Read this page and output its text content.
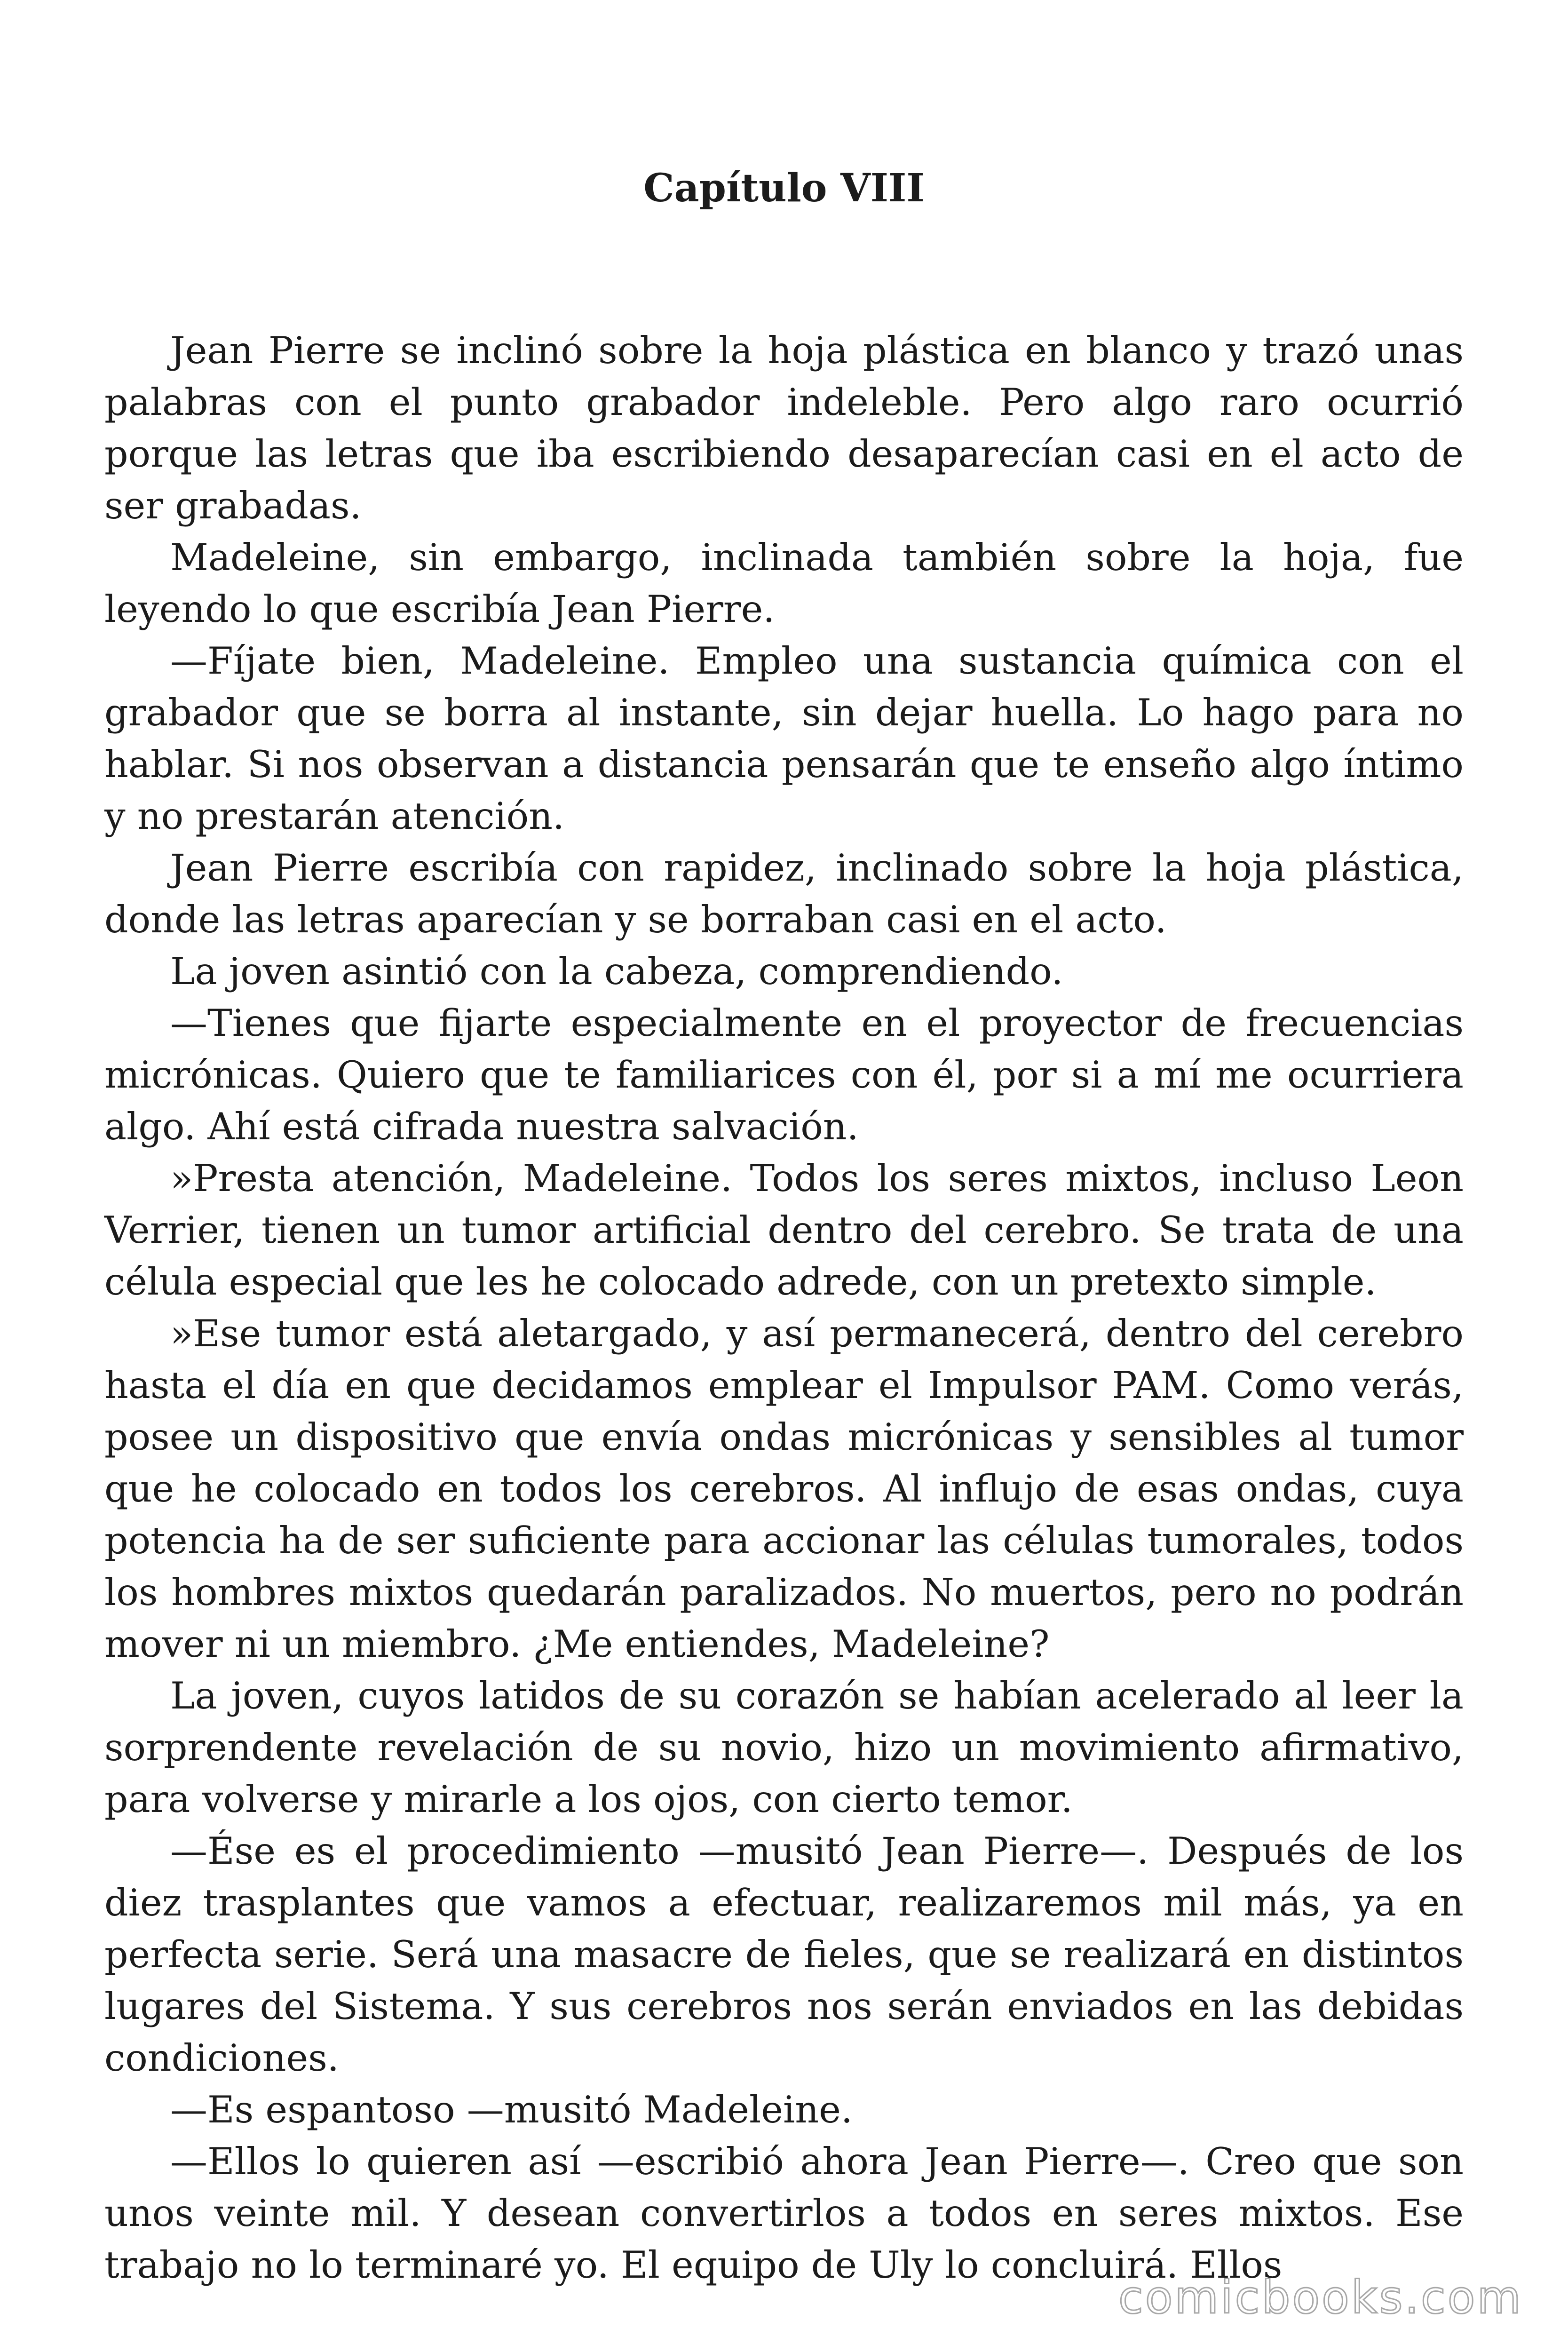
Capítulo VIII

Jean Pierre se inclinó sobre la hoja plástica en blanco y trazó unas palabras con el punto grabador indeleble. Pero algo raro ocurrió porque las letras que iba escribiendo desaparecían casi en el acto de ser grabadas.

Madeleine, sin embargo, inclinada también sobre la hoja, fue leyendo lo que escribía Jean Pierre.

—Fíjate bien, Madeleine. Empleo una sustancia química con el grabador que se borra al instante, sin dejar huella. Lo hago para no hablar. Si nos observan a distancia pensarán que te enseño algo íntimo y no prestarán atención.

Jean Pierre escribía con rapidez, inclinado sobre la hoja plástica, donde las letras aparecían y se borraban casi en el acto.

La joven asintió con la cabeza, comprendiendo.

—Tienes que fijarte especialmente en el proyector de frecuencias micrónicas. Quiero que te familiarices con él, por si a mí me ocurriera algo. Ahí está cifrada nuestra salvación.

»Presta atención, Madeleine. Todos los seres mixtos, incluso Leon Verrier, tienen un tumor artificial dentro del cerebro. Se trata de una célula especial que les he colocado adrede, con un pretexto simple.

»Ese tumor está aletargado, y así permanecerá, dentro del cerebro hasta el día en que decidamos emplear el Impulsor PAM. Como verás, posee un dispositivo que envía ondas micrónicas y sensibles al tumor que he colocado en todos los cerebros. Al influjo de esas ondas, cuya potencia ha de ser suficiente para accionar las células tumorales, todos los hombres mixtos quedarán paralizados. No muertos, pero no podrán mover ni un miembro. ¿Me entiendes, Madeleine?

La joven, cuyos latidos de su corazón se habían acelerado al leer la sorprendente revelación de su novio, hizo un movimiento afirmativo, para volverse y mirarle a los ojos, con cierto temor.

—Ése es el procedimiento —musitó Jean Pierre—. Después de los diez trasplantes que vamos a efectuar, realizaremos mil más, ya en perfecta serie. Será una masacre de fieles, que se realizará en distintos lugares del Sistema. Y sus cerebros nos serán enviados en las debidas condiciones.

—Es espantoso —musitó Madeleine.

—Ellos lo quieren así —escribió ahora Jean Pierre—. Creo que son unos veinte mil. Y desean convertirlos a todos en seres mixtos. Ese trabajo no lo terminaré yo. El equipo de Uly lo concluirá. Ellos

comicbooks.com
